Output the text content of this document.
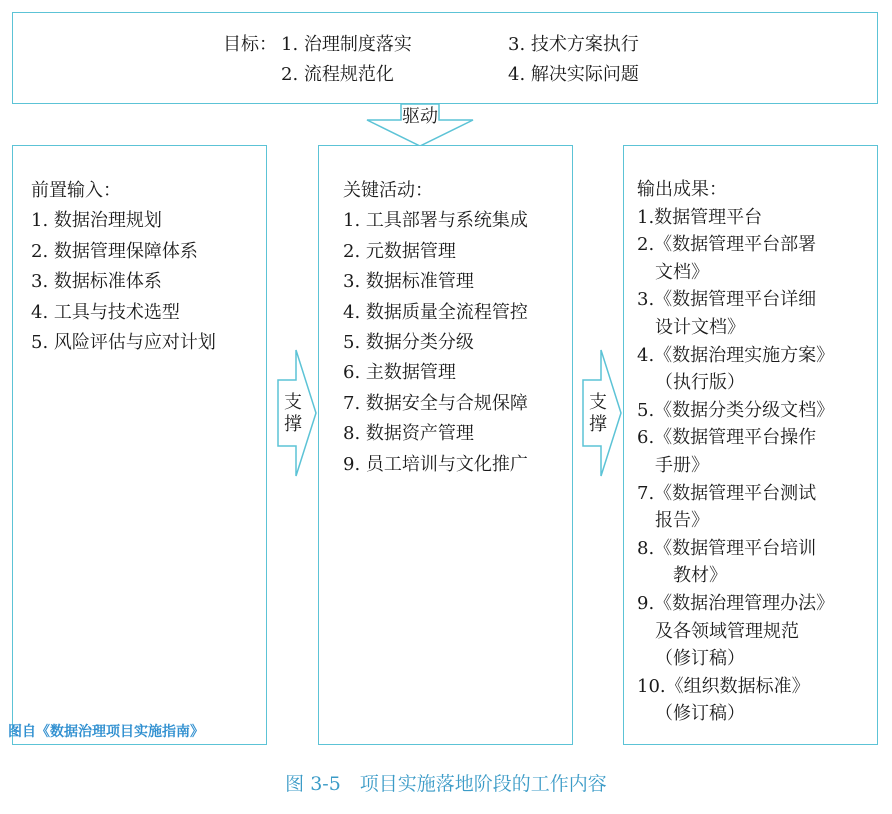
目标： 1. 治理制度落实
2. 流程规范化
3. 技术方案执行
4. 解决实际问题
驱动
前置输入：
1. 数据治理规划
2. 数据管理保障体系
3. 数据标准体系
4. 工具与技术选型
5. 风险评估与应对计划
支
撑
关键活动：
1. 工具部署与系统集成
2. 元数据管理
3. 数据标准管理
4. 数据质量全流程管控
5. 数据分类分级
6. 主数据管理
7. 数据安全与合规保障
8. 数据资产管理
9. 员工培训与文化推广
支
撑
输出成果：
1.数据管理平台
2.《数据管理平台部署
文档》
3.《数据管理平台详细
设计文档》
4.《数据治理实施方案》
（执行版）
5.《数据分类分级文档》
6.《数据管理平台操作
手册》
7.《数据管理平台测试
报告》
8.《数据管理平台培训
教材》
9.《数据治理管理办法》
及各领域管理规范
（修订稿）
10.《组织数据标准》
（修订稿）
图自《数据治理项目实施指南》
图 3-5　项目实施落地阶段的工作内容
